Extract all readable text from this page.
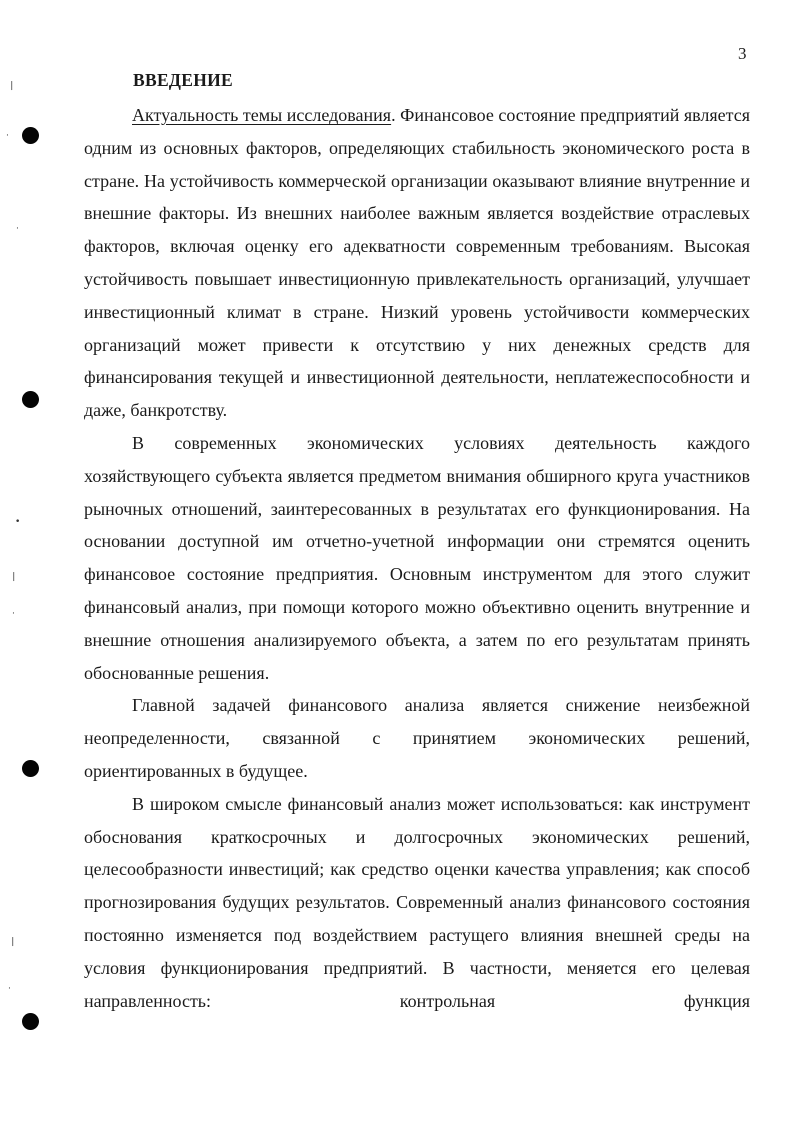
❘
·
·
•
❘
·
❘
·
3
ВВЕДЕНИЕ

Актуальность темы исследования. Финансовое состояние предприятий является одним из основных факторов, определяющих стабильность экономического роста в стране. На устойчивость коммерческой организации оказывают влияние внутренние и внешние факторы. Из внешних наиболее важным является воздействие отраслевых факторов, включая оценку его адекватности современным требованиям. Высокая устойчивость повышает инвестиционную привлекательность организаций, улучшает инвестиционный климат в стране. Низкий уровень устойчивости коммерческих организаций может привести к отсутствию у них денежных средств для финансирования текущей и инвестиционной деятельности, неплатежеспособности и даже, банкротству.

В современных экономических условиях деятельность каждого хозяйствующего субъекта является предметом внимания обширного круга участников рыночных отношений, заинтересованных в результатах его функционирования. На основании доступной им отчетно-учетной информации они стремятся оценить финансовое состояние предприятия. Основным инструментом для этого служит финансовый анализ, при помощи которого можно объективно оценить внутренние и внешние отношения анализируемого объекта, а затем по его результатам принять обоснованные решения.

Главной задачей финансового анализа является снижение неизбежной неопределенности, связанной с принятием экономических решений, ориентированных в будущее.

В широком смысле финансовый анализ может использоваться: как инструмент обоснования краткосрочных и долгосрочных экономических решений, целесообразности инвестиций; как средство оценки качества управления; как способ прогнозирования будущих результатов. Современный анализ финансового состояния постоянно изменяется под воздействием растущего влияния внешней среды на условия функционирования предприятий. В частности, меняется его целевая направленность: контрольная функция
